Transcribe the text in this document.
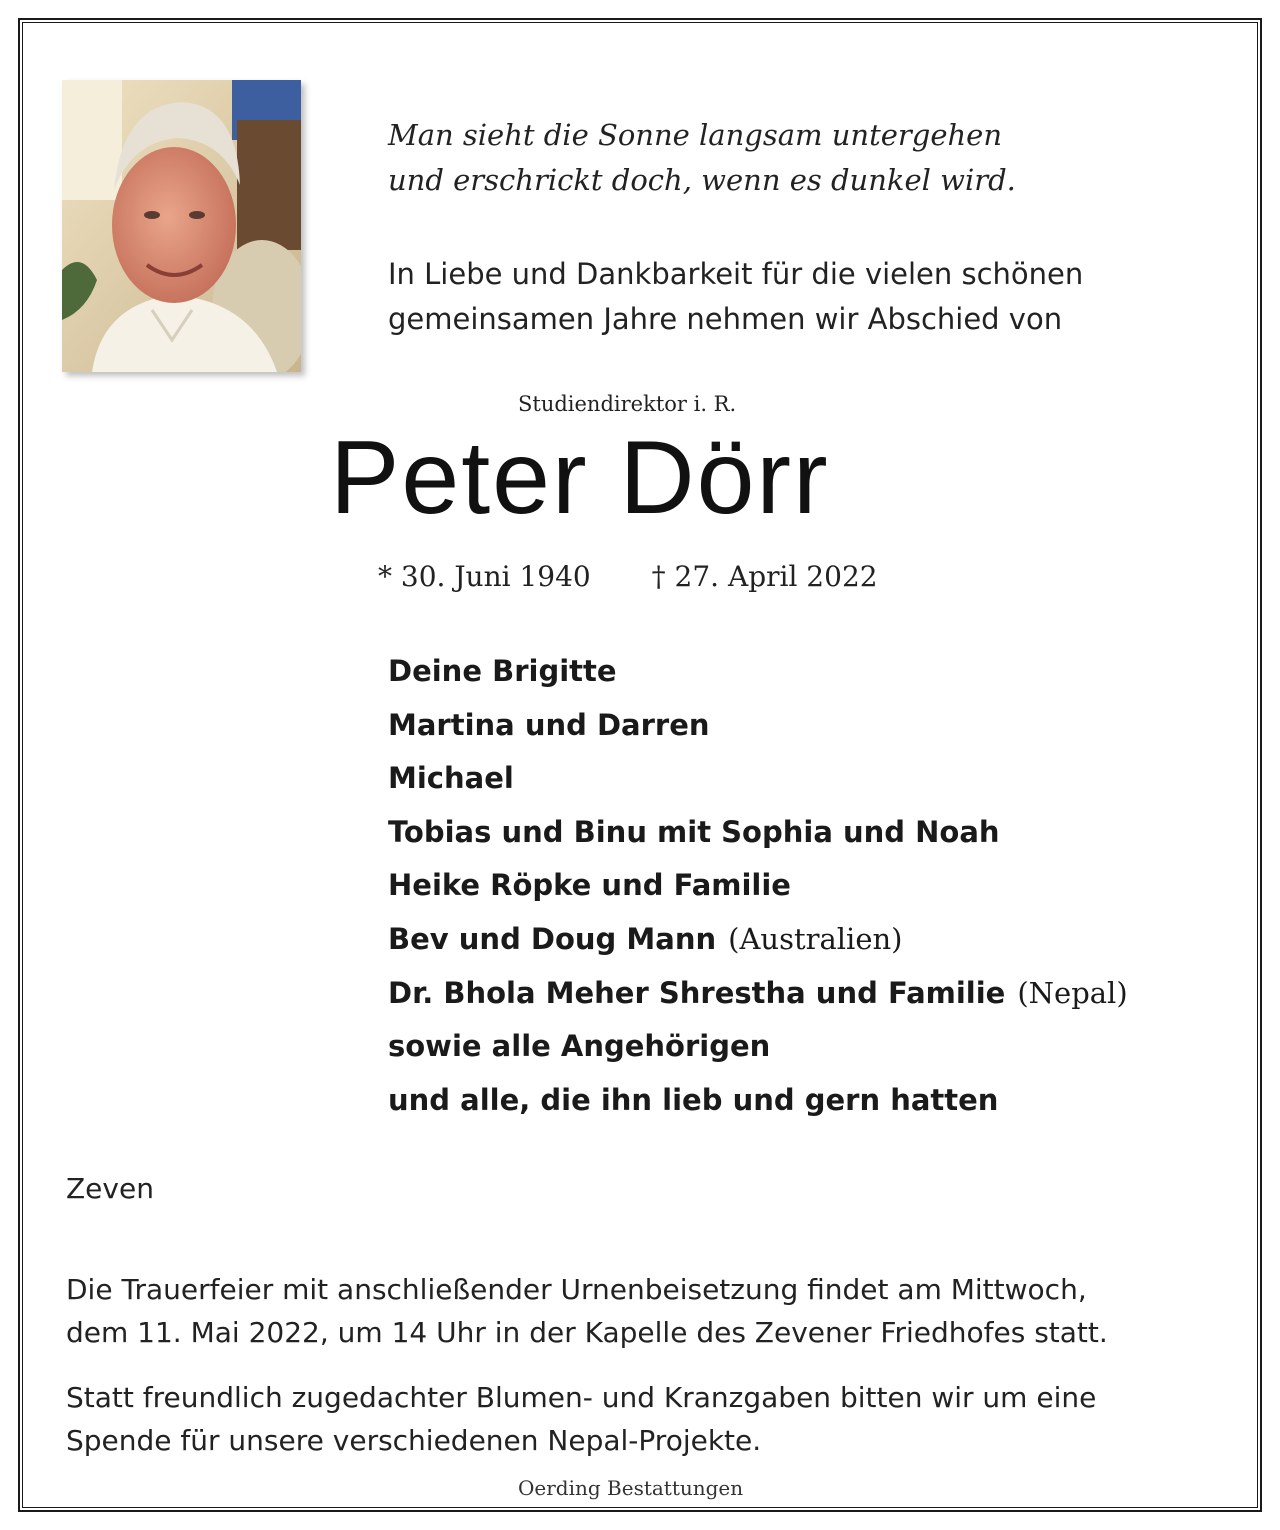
Man sieht die Sonne langsam untergehen
und erschrickt doch, wenn es dunkel wird.
In Liebe und Dankbarkeit für die vielen schönen
gemeinsamen Jahre nehmen wir Abschied von
Studiendirektor i. R.
Peter Dörr
* 30. Juni 1940 † 27. April 2022
Deine Brigitte
Martina und Darren
Michael
Tobias und Binu mit Sophia und Noah
Heike Röpke und Familie
Bev und Doug Mann (Australien)
Dr. Bhola Meher Shrestha und Familie (Nepal)
sowie alle Angehörigen
und alle, die ihn lieb und gern hatten
Zeven
Die Trauerfeier mit anschließender Urnenbeisetzung findet am Mittwoch,
dem 11. Mai 2022, um 14 Uhr in der Kapelle des Zevener Friedhofes statt.
Statt freundlich zugedachter Blumen- und Kranzgaben bitten wir um eine
Spende für unsere verschiedenen Nepal-Projekte.
Oerding Bestattungen
